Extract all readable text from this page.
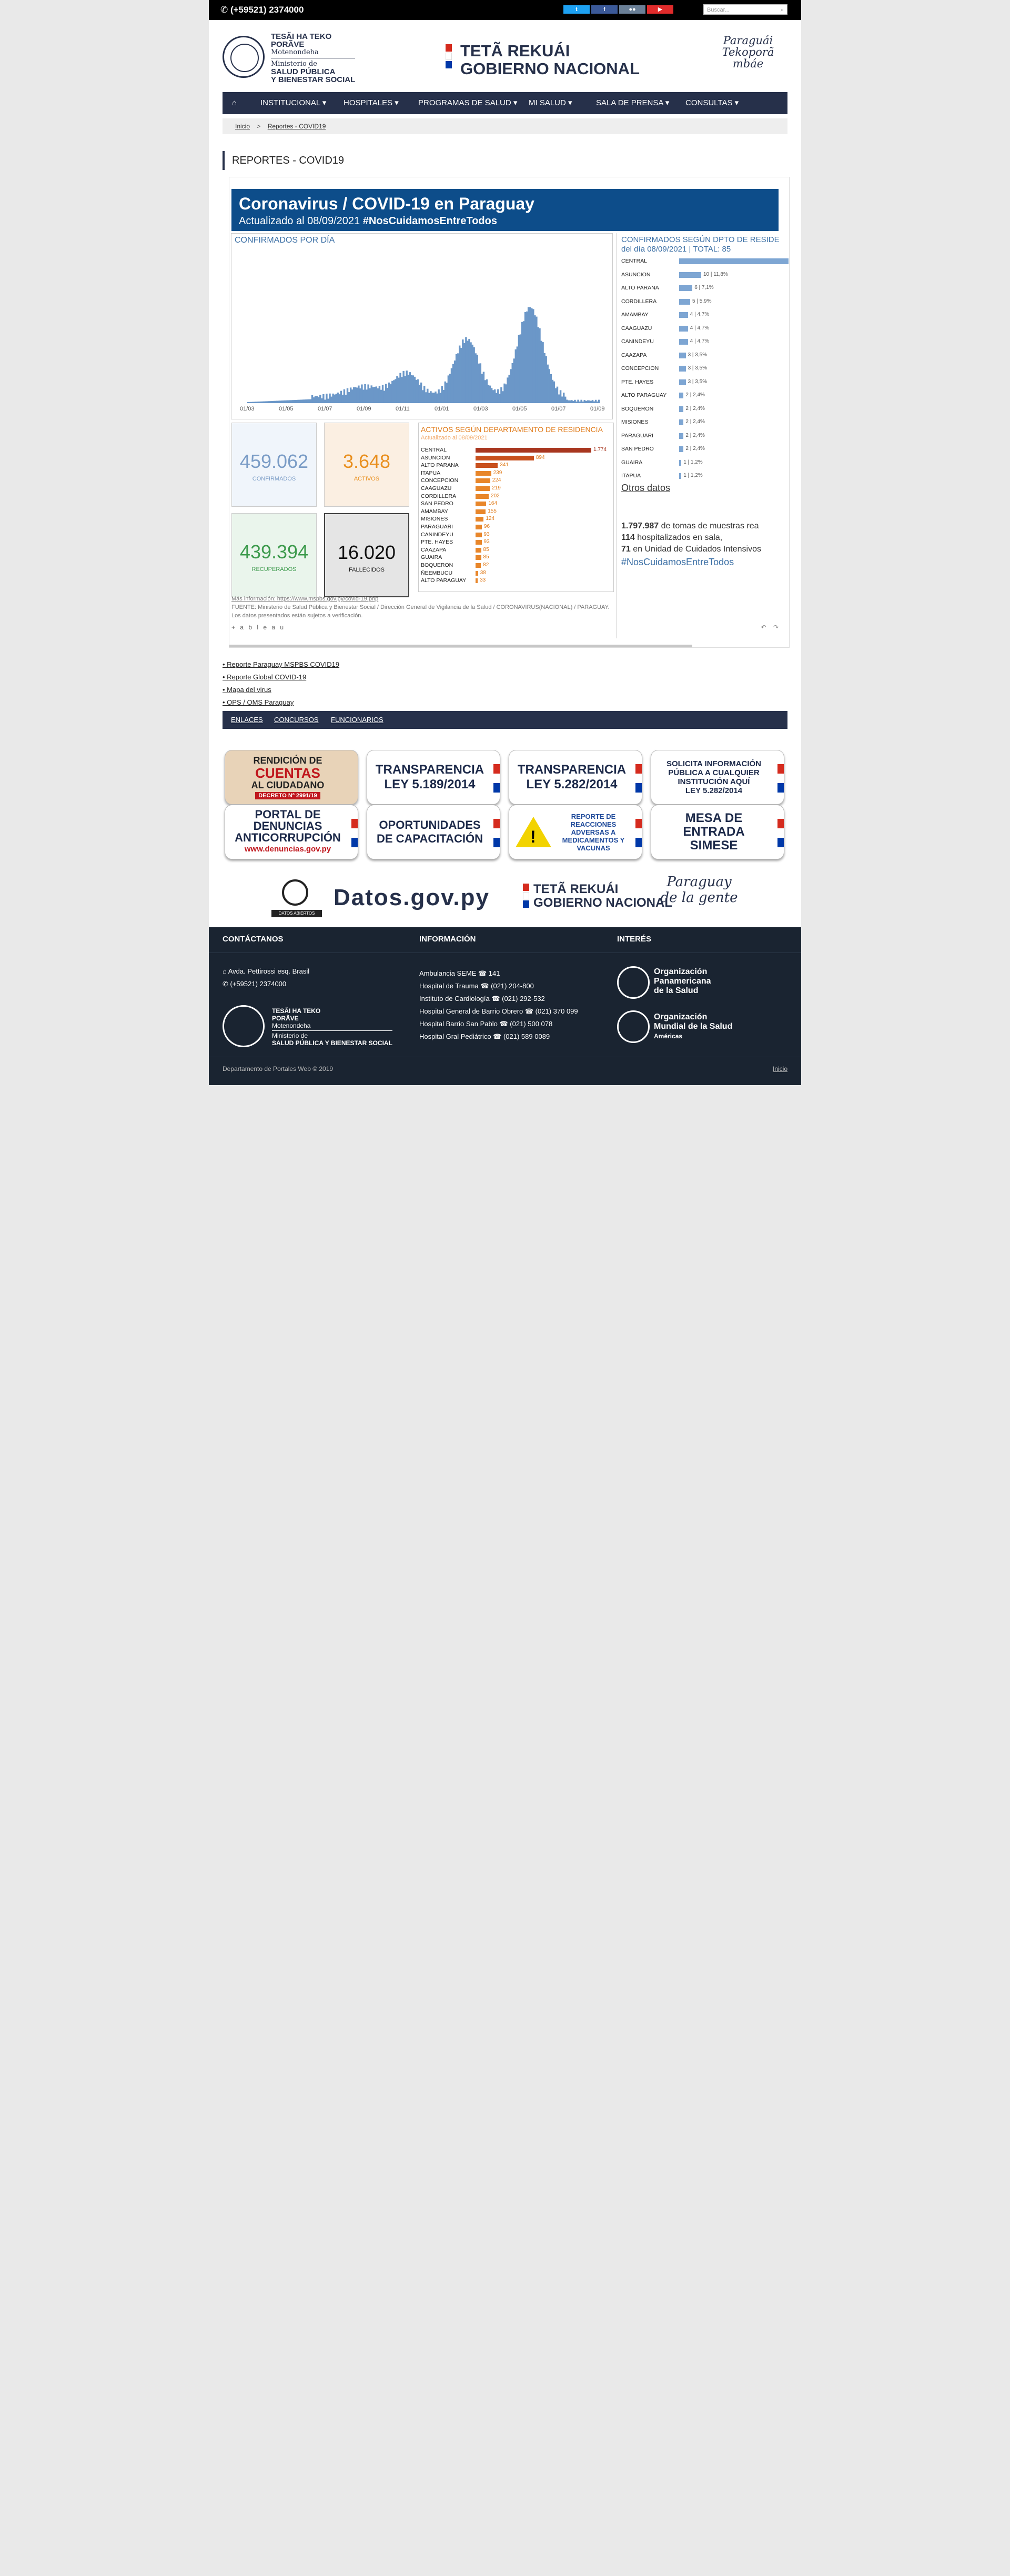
✆ (+59521) 2374000	t	f	●●	▶	Buscar...	⌕
TESÃI HA TEKO
PORÃVE
Motenondeha
Ministerio de
SALUD PÚBLICA
Y BIENESTAR SOCIAL
TETÃ REKUÁI
GOBIERNO NACIONAL
Paraguái Tekoporã mbáe
⌂	INSTITUCIONAL ▾ HOSPITALES ▾ PROGRAMAS DE SALUD ▾ MI SALUD ▾	SALA DE PRENSA ▾ CONSULTAS ▾
Inicio > Reportes - COVID19
REPORTES - COVID19
Coronavirus / COVID-19 en Paraguay
Actualizado al 08/09/2021 #NosCuidamosEntreTodos
CONFIRMADOS POR DÍA
01/03	01/05	01/07	01/09	01/11	01/01	01/03	01/05	01/07	01/09
459.062
CONFIRMADOS
3.648
ACTIVOS
439.394
RECUPERADOS
16.020
FALLECIDOS
ACTIVOS SEGÚN DEPARTAMENTO DE RESIDENCIA
Actualizado al 08/09/2021
CENTRAL	1.774
ASUNCION	894
ALTO PARANA	341
ITAPUA	239
CONCEPCION	224
CAAGUAZU	219
CORDILLERA	202
SAN PEDRO	164
AMAMBAY	155
MISIONES	124
PARAGUARI	96
CANINDEYU	93
PTE. HAYES	93
CAAZAPA	85
GUAIRA	85
BOQUERON	82
ÑEEMBUCU	38
ALTO PARAGUAY	33
CONFIRMADOS SEGÚN DPTO DE RESIDE
del día 08/09/2021 | TOTAL: 85
CENTRAL
ASUNCION	10 | 11,8%
ALTO PARANA	6 | 7,1%
CORDILLERA	5 | 5,9%
AMAMBAY	4 | 4,7%
CAAGUAZU	4 | 4,7%
CANINDEYU	4 | 4,7%
CAAZAPA	3 | 3,5%
CONCEPCION	3 | 3,5%
PTE. HAYES	3 | 3,5%
ALTO PARAGUAY	2 | 2,4%
BOQUERON	2 | 2,4%
MISIONES	2 | 2,4%
PARAGUARI	2 | 2,4%
SAN PEDRO	2 | 2,4%
GUAIRA	1 | 1,2%
ITAPUA	1 | 1,2%
Otros datos
1.797.987 de tomas de muestras rea
114 hospitalizados en sala,
71 en Unidad de Cuidados Intensivos
#NosCuidamosEntreTodos
Más información: https://www.mspbs.gov.py/covid-19.php
FUENTE: Ministerio de Salud Pública y Bienestar Social / Dirección General de Vigilancia de la Salud / CORONAVIRUS(NACIONAL) / PARAGUAY. Los datos presentados están sujetos a verificación.
+ a b l e a u	↶ ↷
• Reporte Paraguay MSPBS COVID19
• Reporte Global COVID-19
• Mapa del virus
• OPS / OMS Paraguay
ENLACES CONCURSOS FUNCIONARIOS
RENDICIÓN DE
CUENTAS
AL CIUDADANO
DECRETO Nº 2991/19
TRANSPARENCIA
LEY 5.189/2014
TRANSPARENCIA
LEY 5.282/2014
SOLICITA INFORMACIÓN
PÚBLICA A CUALQUIER
INSTITUCIÓN AQUÍ
LEY 5.282/2014
PORTAL DE
DENUNCIAS
ANTICORRUPCIÓN
www.denuncias.gov.py
OPORTUNIDADES
DE CAPACITACIÓN	!
REPORTE DE
REACCIONES
ADVERSAS A
MEDICAMENTOS Y
VACUNAS
MESA DE
ENTRADA
SIMESE
DATOS ABIERTOS
Datos.gov.py	TETÃ REKUÁI
GOBIERNO NACIONAL
Paraguay de la gente
CONTÁCTANOS	INFORMACIÓN	INTERÉS
⌂ Avda. Pettirossi esq. Brasil
✆ (+59521) 2374000
TESÃI HA TEKO
PORÃVE
Motenondeha
Ministerio de
SALUD PÚBLICA Y BIENESTAR SOCIAL
Ambulancia SEME ☎ 141
Hospital de Trauma ☎ (021) 204-800
Instituto de Cardiología ☎ (021) 292-532
Hospital General de Barrio Obrero ☎ (021) 370 099
Hospital Barrio San Pablo ☎ (021) 500 078
Hospital Gral Pediátrico ☎ (021) 589 0089
Organización
Panamericana
de la Salud
Organización
Mundial de la Salud
Américas
Departamento de Portales Web © 2019	Inicio
